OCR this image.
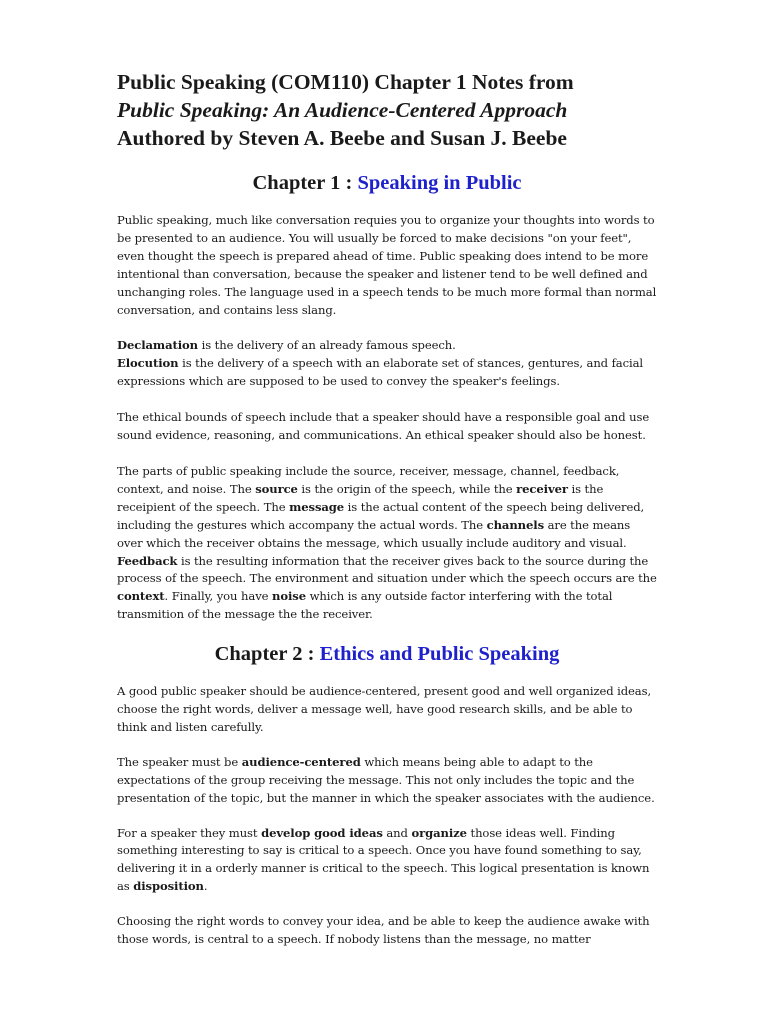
Public Speaking (COM110) Chapter 1 Notes from
Public Speaking: An Audience-Centered Approach
Authored by Steven A. Beebe and Susan J. Beebe
Chapter 1 : Speaking in Public

Public speaking, much like conversation requies you to organize your thoughts into words to be presented to an audience. You will usually be forced to make decisions "on your feet", even thought the speech is prepared ahead of time. Public speaking does intend to be more intentional than conversation, because the speaker and listener tend to be well defined and unchanging roles. The language used in a speech tends to be much more formal than normal conversation, and contains less slang.

Declamation is the delivery of an already famous speech.
Elocution is the delivery of a speech with an elaborate set of stances, gentures, and facial expressions which are supposed to be used to convey the speaker's feelings.

The ethical bounds of speech include that a speaker should have a responsible goal and use sound evidence, reasoning, and communications. An ethical speaker should also be honest.

The parts of public speaking include the source, receiver, message, channel, feedback, context, and noise. The source is the origin of the speech, while the receiver is the receipient of the speech. The message is the actual content of the speech being delivered, including the gestures which accompany the actual words. The channels are the means over which the receiver obtains the message, which usually include auditory and visual. Feedback is the resulting information that the receiver gives back to the source during the process of the speech. The environment and situation under which the speech occurs are the context. Finally, you have noise which is any outside factor interfering with the total transmition of the message the the receiver.

Chapter 2 : Ethics and Public Speaking

A good public speaker should be audience-centered, present good and well organized ideas, choose the right words, deliver a message well, have good research skills, and be able to think and listen carefully.

The speaker must be audience-centered which means being able to adapt to the expectations of the group receiving the message. This not only includes the topic and the presentation of the topic, but the manner in which the speaker associates with the audience.

For a speaker they must develop good ideas and organize those ideas well. Finding something interesting to say is critical to a speech. Once you have found something to say, delivering it in a orderly manner is critical to the speech. This logical presentation is known as disposition.

Choosing the right words to convey your idea, and be able to keep the audience awake with those words, is central to a speech. If nobody listens than the message, no matter
